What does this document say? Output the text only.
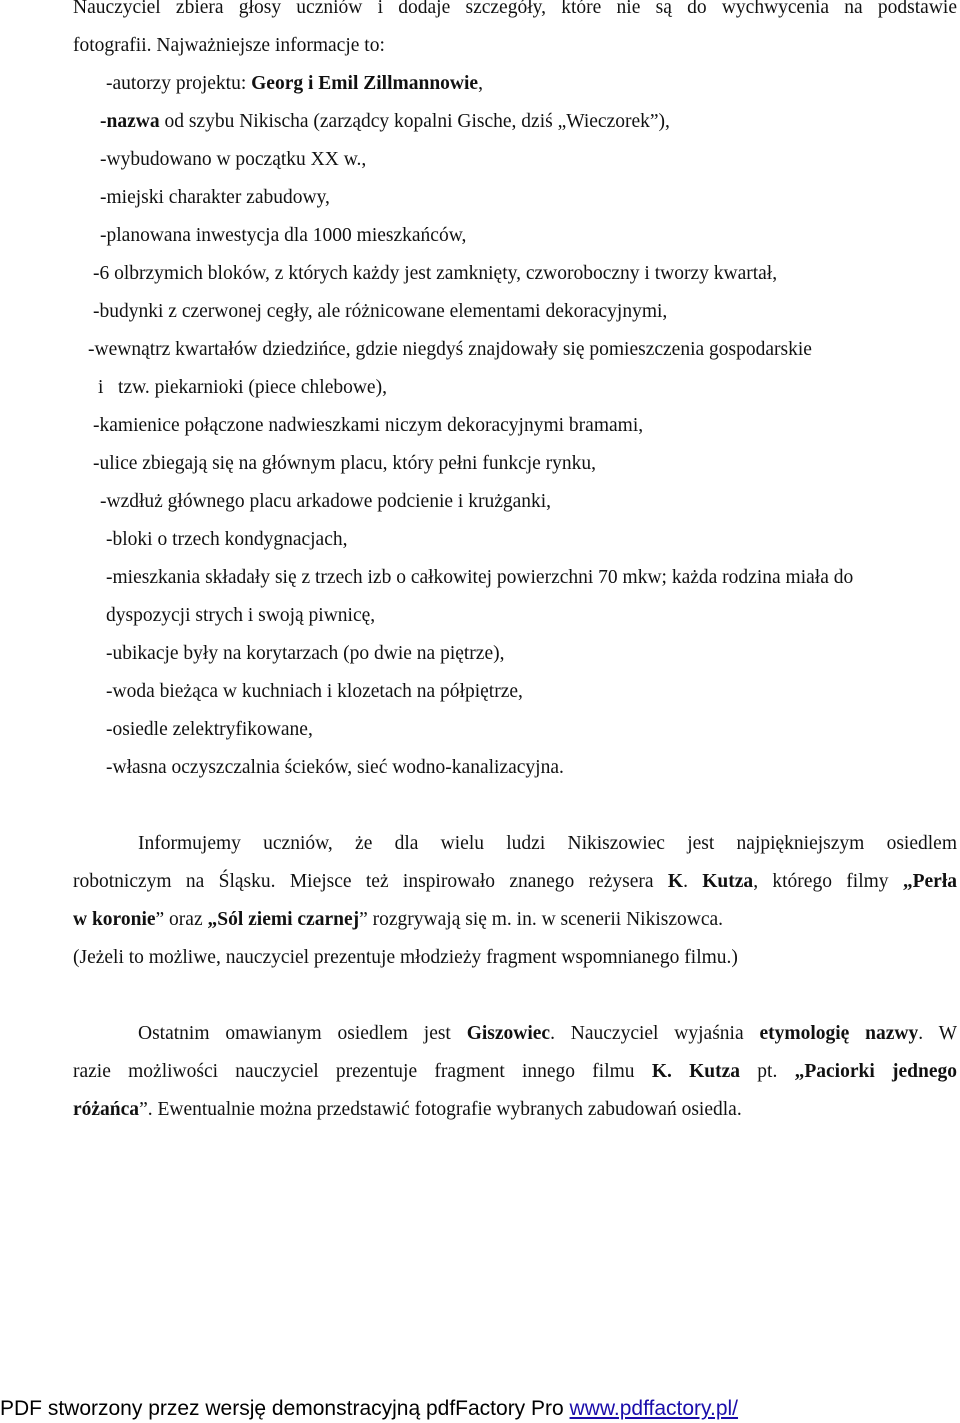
Nauczyciel zbiera głosy uczniów i dodaje szczegóły, które nie są do wychwycenia na podstawie
fotografii. Najważniejsze informacje to:
-autorzy projektu: Georg i Emil Zillmannowie,
-nazwa od szybu Nikischa (zarządcy kopalni Gische, dziś „Wieczorek”),
-wybudowano w początku XX w.,
-miejski charakter zabudowy,
-planowana inwestycja dla 1000 mieszkańców,
-6 olbrzymich bloków, z których każdy jest zamknięty, czworoboczny i tworzy kwartał,
-budynki z czerwonej cegły, ale różnicowane elementami dekoracyjnymi,
-wewnątrz kwartałów dziedzińce, gdzie niegdyś znajdowały się pomieszczenia gospodarskie
i   tzw. piekarnioki (piece chlebowe),
-kamienice połączone nadwieszkami niczym dekoracyjnymi bramami,
-ulice zbiegają się na głównym placu, który pełni funkcje rynku,
-wzdłuż głównego placu arkadowe podcienie i krużganki,
-bloki o trzech kondygnacjach,
-mieszkania składały się z trzech izb o całkowitej powierzchni 70 mkw; każda rodzina miała do
dyspozycji strych i swoją piwnicę,
-ubikacje były na korytarzach (po dwie na piętrze),
-woda bieżąca w kuchniach i klozetach na półpiętrze,
-osiedle zelektryfikowane,
-własna oczyszczalnia ścieków, sieć wodno-kanalizacyjna.
Informujemy uczniów, że dla wielu ludzi Nikiszowiec jest najpiękniejszym osiedlem
robotniczym na Śląsku. Miejsce też inspirowało znanego reżysera K. Kutza, którego filmy „Perła
w koronie” oraz „Sól ziemi czarnej” rozgrywają się m. in. w scenerii Nikiszowca.
(Jeżeli to możliwe, nauczyciel prezentuje młodzieży fragment wspomnianego filmu.)
Ostatnim omawianym osiedlem jest Giszowiec. Nauczyciel wyjaśnia etymologię nazwy. W
razie możliwości nauczyciel prezentuje fragment innego filmu K. Kutza pt. „Paciorki jednego
różańca”. Ewentualnie można przedstawić fotografie wybranych zabudowań osiedla.
PDF stworzony przez wersję demonstracyjną pdfFactory Pro www.pdffactory.pl/
